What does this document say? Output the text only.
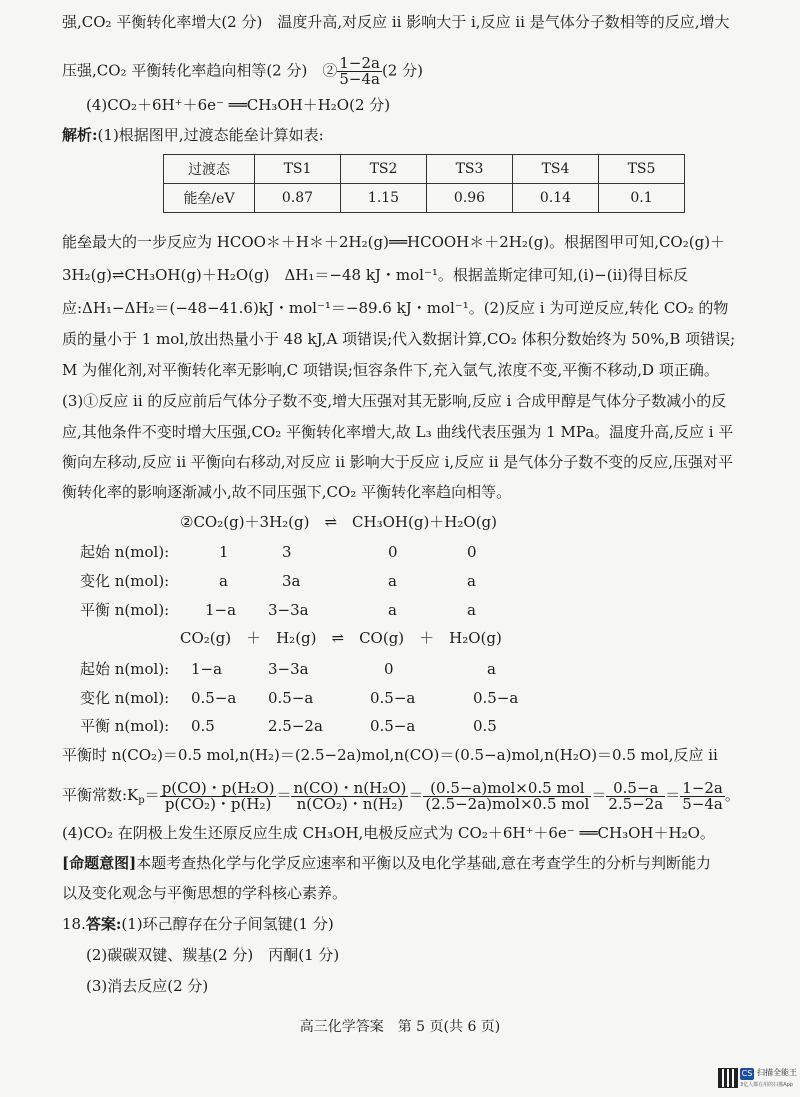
强,CO₂ 平衡转化率增大(2 分)　温度升高,对反应 ii 影响大于 i,反应 ii 是气体分子数相等的反应,增大
压强,CO₂ 平衡转化率趋向相等(2 分)　② $\frac{1-2a}{5-4a} (2$ 分)
(4)CO₂＋6H⁺＋6e⁻ ══CH₃OH＋H₂O(2 分)
解析:(1)根据图甲,过渡态能垒计算如表:
过渡态	TS1	TS2	TS3	TS4	TS5
能垒/eV	0.87	1.15	0.96	0.14	0.1
能垒最大的一步反应为 HCOO＊＋H＊＋2H₂(g)══HCOOH＊＋2H₂(g)。根据图甲可知,CO₂(g)＋
3H₂(g)⇌CH₃OH(g)＋H₂O(g)　ΔH₁＝−48 kJ・mol⁻¹。根据盖斯定律可知,(i)−(ii)得目标反
应:ΔH₁−ΔH₂＝(−48−41.6)kJ・mol⁻¹＝−89.6 kJ・mol⁻¹。(2)反应 i 为可逆反应,转化 CO₂ 的物
质的量小于 1 mol,放出热量小于 48 kJ,A 项错误;代入数据计算,CO₂ 体积分数始终为 50%,B 项错误;
M 为催化剂,对平衡转化率无影响,C 项错误;恒容条件下,充入氩气,浓度不变,平衡不移动,D 项正确。
(3)①反应 ii 的反应前后气体分子数不变,增大压强对其无影响,反应 i 合成甲醇是气体分子数减小的反
应,其他条件不变时增大压强,CO₂ 平衡转化率增大,故 L₃ 曲线代表压强为 1 MPa。温度升高,反应 i 平
衡向左移动,反应 ii 平衡向右移动,对反应 ii 影响大于反应 i,反应 ii 是气体分子数不变的反应,压强对平
衡转化率的影响逐渐减小,故不同压强下,CO₂ 平衡转化率趋向相等。
②CO₂(g)＋3H₂(g)　⇌　CH₃OH(g)＋H₂O(g)
起始 n(mol):	1	3	0	0
变化 n(mol):	a	3a	a	a
平衡 n(mol): 1−a 3−3a	a	a
CO₂(g)　＋　H₂(g)　⇌　CO(g)　＋　H₂O(g)
起始 n(mol): 1−a	3−3a	0	a
变化 n(mol): 0.5−a 0.5−a	0.5−a	0.5−a
平衡 n(mol): 0.5	2.5−2a	0.5−a	0.5
平衡时 n(CO₂)＝0.5 mol,n(H₂)＝(2.5−2a)mol,n(CO)＝(0.5−a)mol,n(H₂O)＝0.5 mol,反应 ii
平衡常数$:K_p= \frac{\text{p(CO)・p(H₂O)}}{\text{p(CO₂)・p(H₂)}} = \frac{\text{n(CO)・n(H₂O)}}{\text{n(CO₂)・n(H₂)}} = \frac{\text{(0.5−a)mol×0.5 mol}}{\text{(2.5−2a)mol×0.5 mol}} = \frac{0.5-a}{2.5-2a} = \frac{1-2a}{5-4a}$ 。
(4)CO₂ 在阴极上发生还原反应生成 CH₃OH,电极反应式为 CO₂＋6H⁺＋6e⁻ ══CH₃OH＋H₂O。
[命题意图]本题考查热化学与化学反应速率和平衡以及电化学基础,意在考查学生的分析与判断能力
以及变化观念与平衡思想的学科核心素养。
18.答案:(1)环己醇存在分子间氢键(1 分)
(2)碳碳双键、羰基(2 分)　丙酮(1 分)
(3)消去反应(2 分)
高三化学答案　第 5 页(共 6 页)
CS 扫描全能王
3亿人都在用的扫描App
